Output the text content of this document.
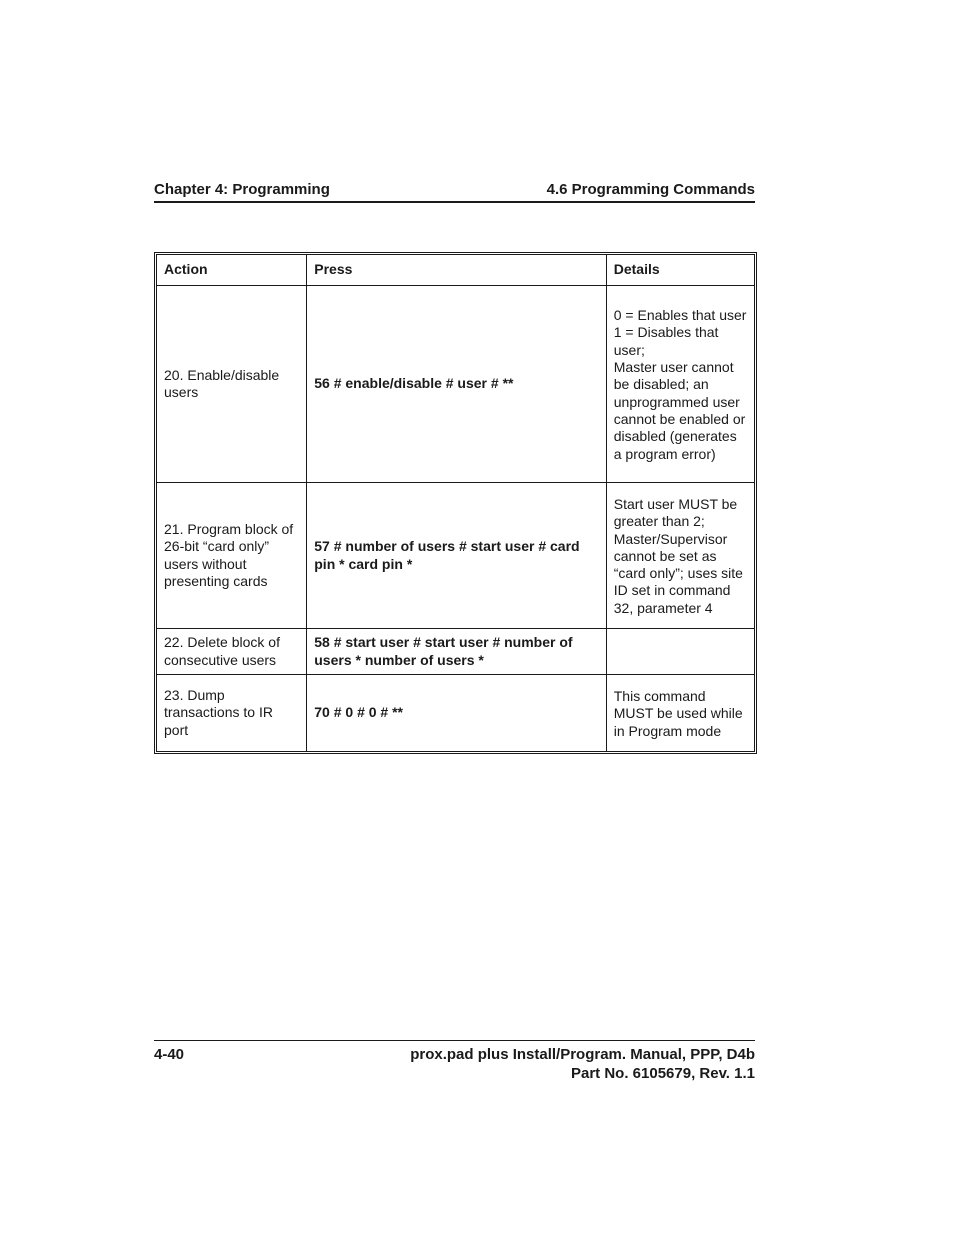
Chapter 4: Programming	4.6 Programming Commands
Action	Press	Details
20. Enable/disable users	56 # enable/disable # user # **	0 = Enables that user
1 = Disables that user;
Master user cannot be disabled; an unprogrammed user cannot be enabled or disabled (generates a program error)

21. Program block of 26-bit “card only” users without presenting cards	57 # number of users # start user # card pin * card pin *	Start user MUST be greater than 2; Master/Supervisor cannot be set as “card only”; uses site ID set in command 32, parameter 4

22. Delete block of consecutive users	58 # start user # start user # number of users * number of users *	
23. Dump transactions to IR port	70 # 0 # 0 # **	This command MUST be used while in Program mode
4-40	prox.pad plus Install/Program. Manual, PPP, D4b
Part No. 6105679, Rev. 1.1
